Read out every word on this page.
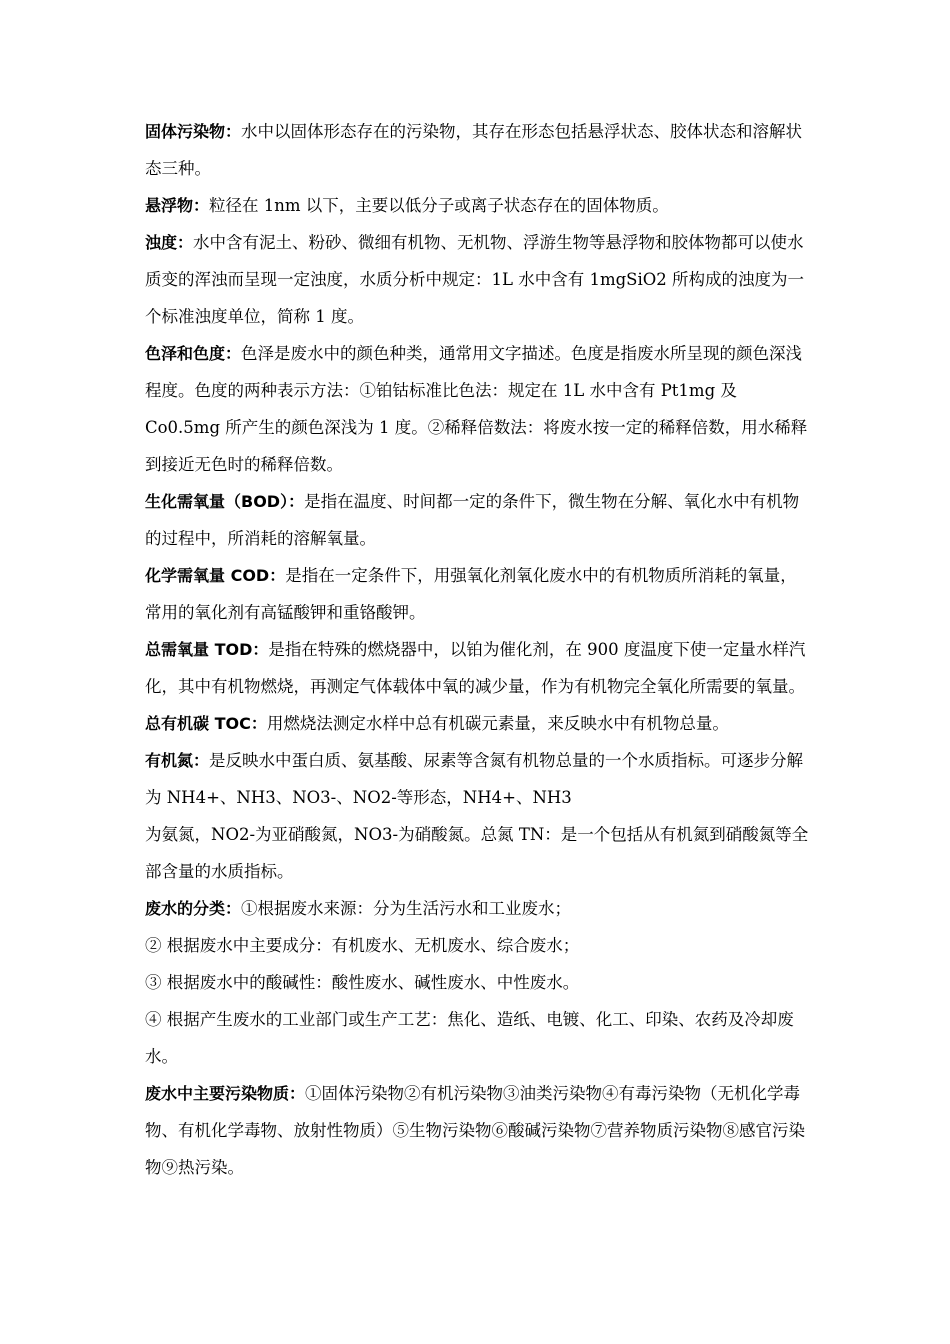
固体污染物：水中以固体形态存在的污染物，其存在形态包括悬浮状态、胶体状态和溶解状态三种。

悬浮物：粒径在 1nm 以下，主要以低分子或离子状态存在的固体物质。

浊度：水中含有泥土、粉砂、微细有机物、无机物、浮游生物等悬浮物和胶体物都可以使水质变的浑浊而呈现一定浊度，水质分析中规定：1L 水中含有 1mgSiO2 所构成的浊度为一个标准浊度单位，简称 1 度。

色泽和色度：色泽是废水中的颜色种类，通常用文字描述。色度是指废水所呈现的颜色深浅程度。色度的两种表示方法：①铂钴标准比色法：规定在 1L 水中含有 Pt1mg 及 Co0.5mg 所产生的颜色深浅为 1 度。②稀释倍数法：将废水按一定的稀释倍数，用水稀释到接近无色时的稀释倍数。

生化需氧量（BOD）：是指在温度、时间都一定的条件下，微生物在分解、氧化水中有机物的过程中，所消耗的溶解氧量。

化学需氧量 COD：是指在一定条件下，用强氧化剂氧化废水中的有机物质所消耗的氧量，常用的氧化剂有高锰酸钾和重铬酸钾。

总需氧量 TOD：是指在特殊的燃烧器中，以铂为催化剂，在 900 度温度下使一定量水样汽化，其中有机物燃烧，再测定气体载体中氧的减少量，作为有机物完全氧化所需要的氧量。

总有机碳 TOC：用燃烧法测定水样中总有机碳元素量，来反映水中有机物总量。

有机氮：是反映水中蛋白质、氨基酸、尿素等含氮有机物总量的一个水质指标。可逐步分解为 NH4+、NH3、NO3-、NO2-等形态，NH4+、NH3

为氨氮，NO2-为亚硝酸氮，NO3-为硝酸氮。总氮 TN：是一个包括从有机氮到硝酸氮等全部含量的水质指标。

废水的分类：①根据废水来源：分为生活污水和工业废水；

② 根据废水中主要成分：有机废水、无机废水、综合废水；

③ 根据废水中的酸碱性：酸性废水、碱性废水、中性废水。

④ 根据产生废水的工业部门或生产工艺：焦化、造纸、电镀、化工、印染、农药及冷却废水。

废水中主要污染物质：①固体污染物②有机污染物③油类污染物④有毒污染物（无机化学毒物、有机化学毒物、放射性物质）⑤生物污染物⑥酸碱污染物⑦营养物质污染物⑧感官污染物⑨热污染。
